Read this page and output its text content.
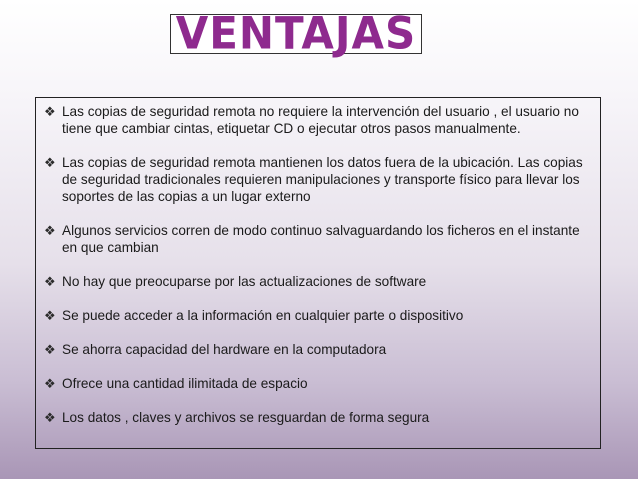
VENTAJAS
❖ Las copias de seguridad remota no requiere la intervención del usuario , el usuario no tiene que cambiar cintas, etiquetar CD o ejecutar otros pasos manualmente.
❖ Las copias de seguridad remota mantienen los datos fuera de la ubicación. Las copias de seguridad tradicionales requieren manipulaciones y transporte físico para llevar los soportes de las copias a un lugar externo
❖ Algunos servicios corren de modo continuo salvaguardando los ficheros en el instante en que cambian
❖ No hay que preocuparse por las actualizaciones de software
❖ Se puede acceder a la información en cualquier parte o dispositivo
❖ Se ahorra capacidad del hardware en la computadora
❖ Ofrece una cantidad ilimitada de espacio
❖ Los datos , claves y archivos se resguardan de forma segura
